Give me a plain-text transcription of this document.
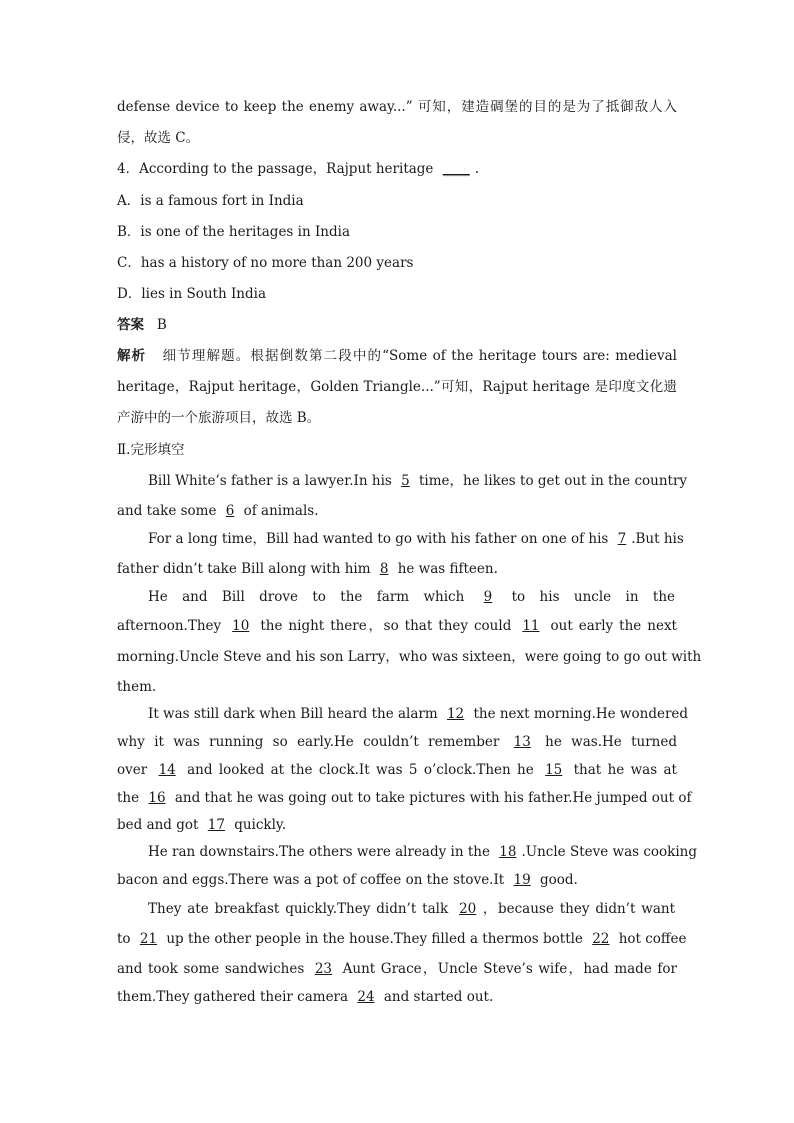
defense device to keep the enemy away...” 可知，建造碉堡的目的是为了抵御敌人入
侵，故选 C。
4．According to the passage，Rajput heritage ____ .
A．is a famous fort in India
B．is one of the heritages in India
C．has a history of no more than 200 years
D．lies in South India
答案 B
解析 细节理解题。根据倒数第二段中的“Some of the heritage tours are: medieval
heritage，Rajput heritage，Golden Triangle...”可知，Rajput heritage 是印度文化遗
产游中的一个旅游项目，故选 B。
Ⅱ.完形填空
Bill White’s father is a lawyer.In his 5 time，he likes to get out in the country
and take some 6 of animals.
For a long time，Bill had wanted to go with his father on one of his 7 .But his
father didn’t take Bill along with him 8 he was fifteen.
He and Bill drove to the farm which 9 to his uncle in the
afternoon.They 10 the night there，so that they could 11 out early the next
morning.Uncle Steve and his son Larry，who was sixteen，were going to go out with
them.
It was still dark when Bill heard the alarm 12 the next morning.He wondered
why it was running so early.He couldn’t remember 13 he was.He turned
over 14 and looked at the clock.It was 5 o’clock.Then he 15 that he was at
the 16 and that he was going out to take pictures with his father.He jumped out of
bed and got 17 quickly.
He ran downstairs.The others were already in the 18 .Uncle Steve was cooking
bacon and eggs.There was a pot of coffee on the stove.It 19 good.
They ate breakfast quickly.They didn’t talk 20 ，because they didn’t want
to 21 up the other people in the house.They filled a thermos bottle 22 hot coffee
and took some sandwiches 23 Aunt Grace，Uncle Steve’s wife，had made for
them.They gathered their camera 24 and started out.
